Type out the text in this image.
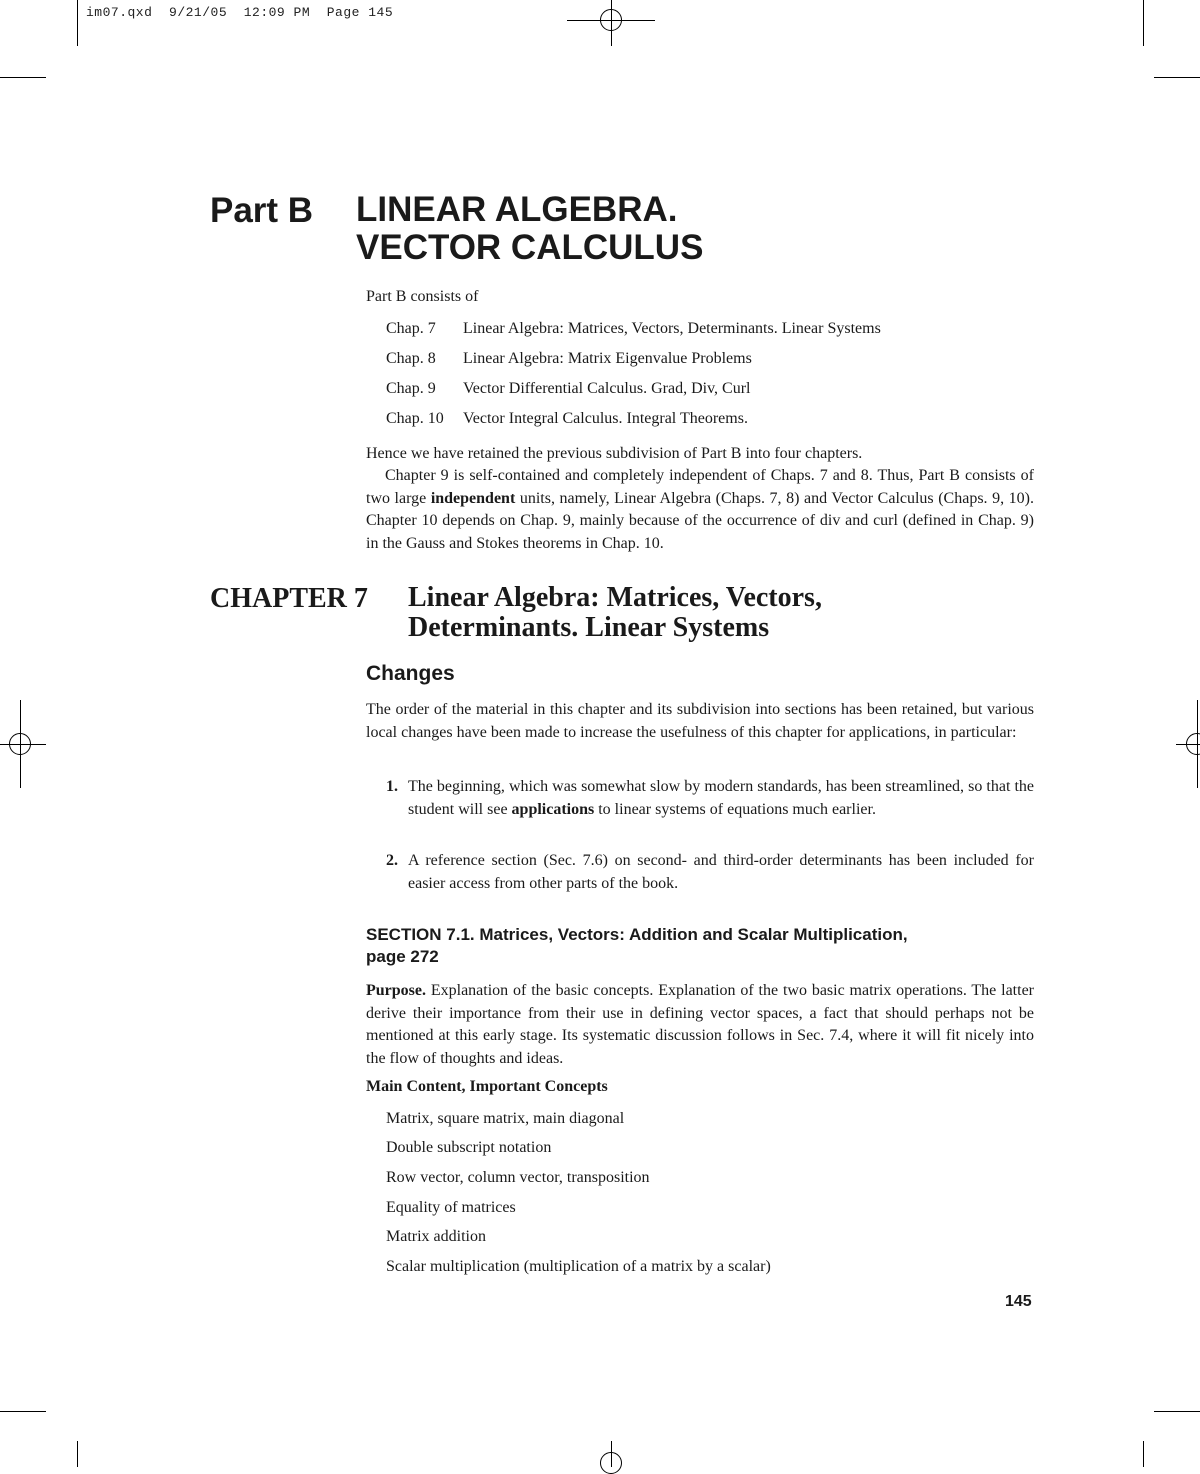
im07.qxd  9/21/05  12:09 PM  Page 145
Part B LINEAR ALGEBRA.
VECTOR CALCULUS
Part B consists of
Chap. 7 Linear Algebra: Matrices, Vectors, Determinants. Linear Systems
Chap. 8 Linear Algebra: Matrix Eigenvalue Problems
Chap. 9 Vector Differential Calculus. Grad, Div, Curl
Chap. 10 Vector Integral Calculus. Integral Theorems.
Hence we have retained the previous subdivision of Part B into four chapters.
Chapter 9 is self-contained and completely independent of Chaps. 7 and 8. Thus, Part B consists of two large independent units, namely, Linear Algebra (Chaps. 7, 8) and Vector Calculus (Chaps. 9, 10). Chapter 10 depends on Chap. 9, mainly because of the occurrence of div and curl (defined in Chap. 9) in the Gauss and Stokes theorems in Chap. 10.
CHAPTER 7 Linear Algebra: Matrices, Vectors,
Determinants. Linear Systems
Changes
The order of the material in this chapter and its subdivision into sections has been retained, but various local changes have been made to increase the usefulness of this chapter for applications, in particular:
1. The beginning, which was somewhat slow by modern standards, has been streamlined, so that the student will see applications to linear systems of equations much earlier.
2. A reference section (Sec. 7.6) on second- and third-order determinants has been included for easier access from other parts of the book.
SECTION 7.1. Matrices, Vectors: Addition and Scalar Multiplication,
page 272
Purpose. Explanation of the basic concepts. Explanation of the two basic matrix operations. The latter derive their importance from their use in defining vector spaces, a fact that should perhaps not be mentioned at this early stage. Its systematic discussion follows in Sec. 7.4, where it will fit nicely into the flow of thoughts and ideas.
Main Content, Important Concepts
Matrix, square matrix, main diagonal
Double subscript notation
Row vector, column vector, transposition
Equality of matrices
Matrix addition
Scalar multiplication (multiplication of a matrix by a scalar)
145
